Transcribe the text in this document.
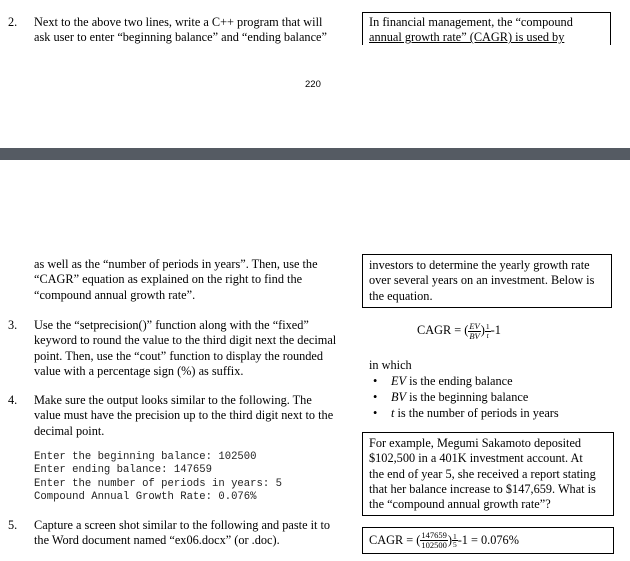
2. Next to the above two lines, write a C++ program that will
ask user to enter “beginning balance” and “ending balance”
In financial management, the “compound
annual growth rate” (CAGR) is used by
220
as well as the “number of periods in years”. Then, use the
“CAGR” equation as explained on the right to find the
“compound annual growth rate”.
3. Use the “setprecision()” function along with the “fixed”
keyword to round the value to the third digit next the decimal
point. Then, use the “cout” function to display the rounded
value with a percentage sign (%) as suffix.
4. Make sure the output looks similar to the following. The
value must have the precision up to the third digit next to the
decimal point.
Enter the beginning balance: 102500
Enter ending balance: 147659
Enter the number of periods in years: 5
Compound Annual Growth Rate: 0.076%
5. Capture a screen shot similar to the following and paste it to
the Word document named “ex06.docx” (or .doc).
investors to determine the yearly growth rate
over several years on an investment. Below is
the equation.
CAGR = ( $\frac{EV}{BV}$ ) $\frac{1}{t} -1$
in which
• EV is the ending balance
• BV is the beginning balance
• t is the number of periods in years
For example, Megumi Sakamoto deposited
$102,500 in a 401K investment account. At
the end of year 5, she received a report stating
that her balance increase to $147,659. What is
the “compound annual growth rate”?
CAGR = ( $\frac{147659}{102500}$ ) $\frac{1}{5} -1 = 0.076\%$
